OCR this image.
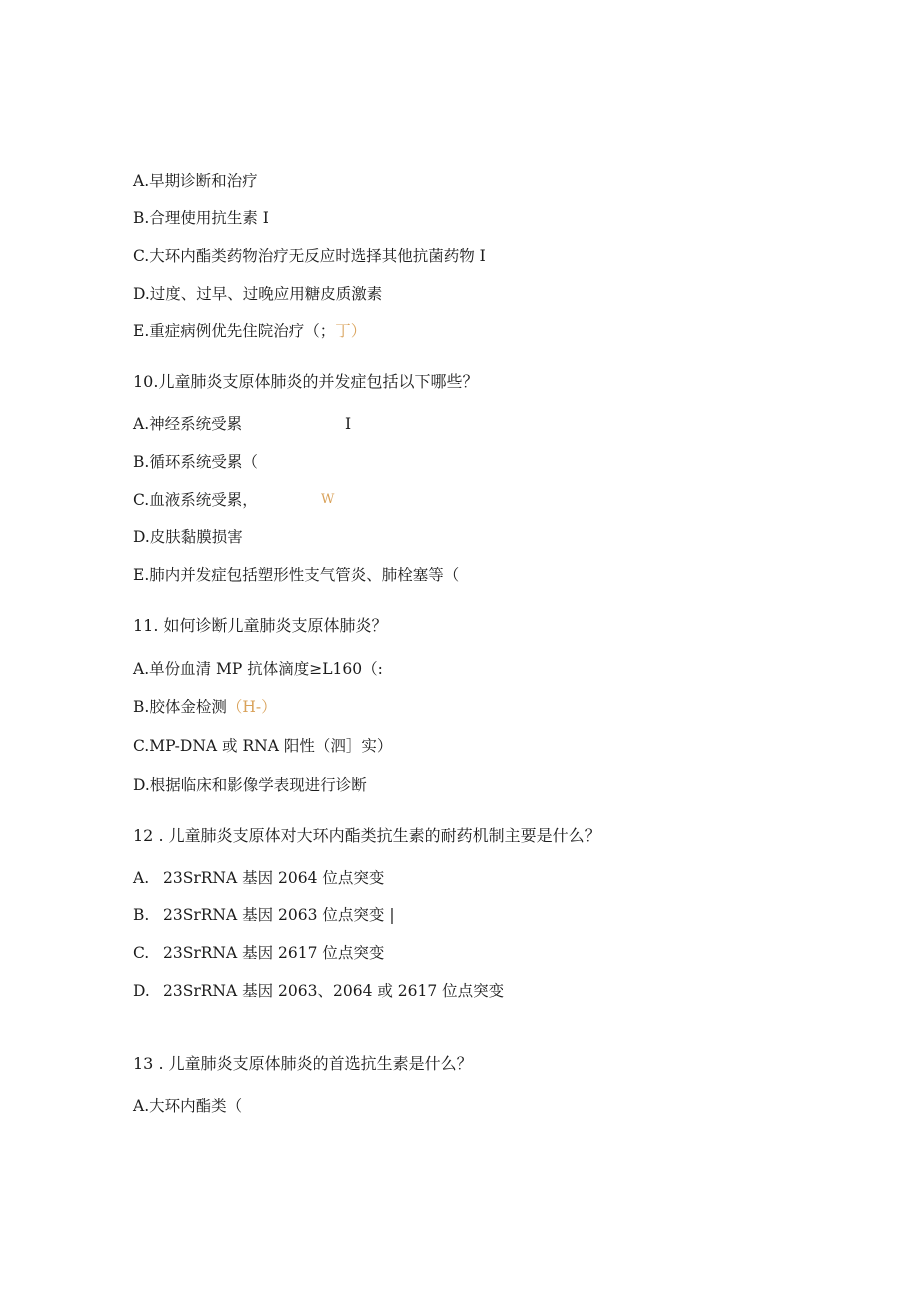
A.早期诊断和治疗
B.合理使用抗生素 I
C.大环内酯类药物治疗无反应时选择其他抗菌药物 I
D.过度、过早、过晚应用糖皮质激素
E.重症病例优先住院治疗（；丁）
10.儿童肺炎支原体肺炎的并发症包括以下哪些？
A.神经系统受累	I
B.循环系统受累（
C.血液系统受累，	W
D.皮肤黏膜损害
E.肺内并发症包括塑形性支气管炎、肺栓塞等（
11. 如何诊断儿童肺炎支原体肺炎？
A.单份血清 MP 抗体滴度≥L160（:
B.胶体金检测（H-）
C.MP-DNA 或 RNA 阳性（泗］实）
D.根据临床和影像学表现进行诊断
12 . 儿童肺炎支原体对大环内酯类抗生素的耐药机制主要是什么？
A. 23SrRNA 基因 2064 位点突变
B. 23SrRNA 基因 2063 位点突变 |
C. 23SrRNA 基因 2617 位点突变
D. 23SrRNA 基因 2063、2064 或 2617 位点突变
13 . 儿童肺炎支原体肺炎的首选抗生素是什么？
A.大环内酯类（
